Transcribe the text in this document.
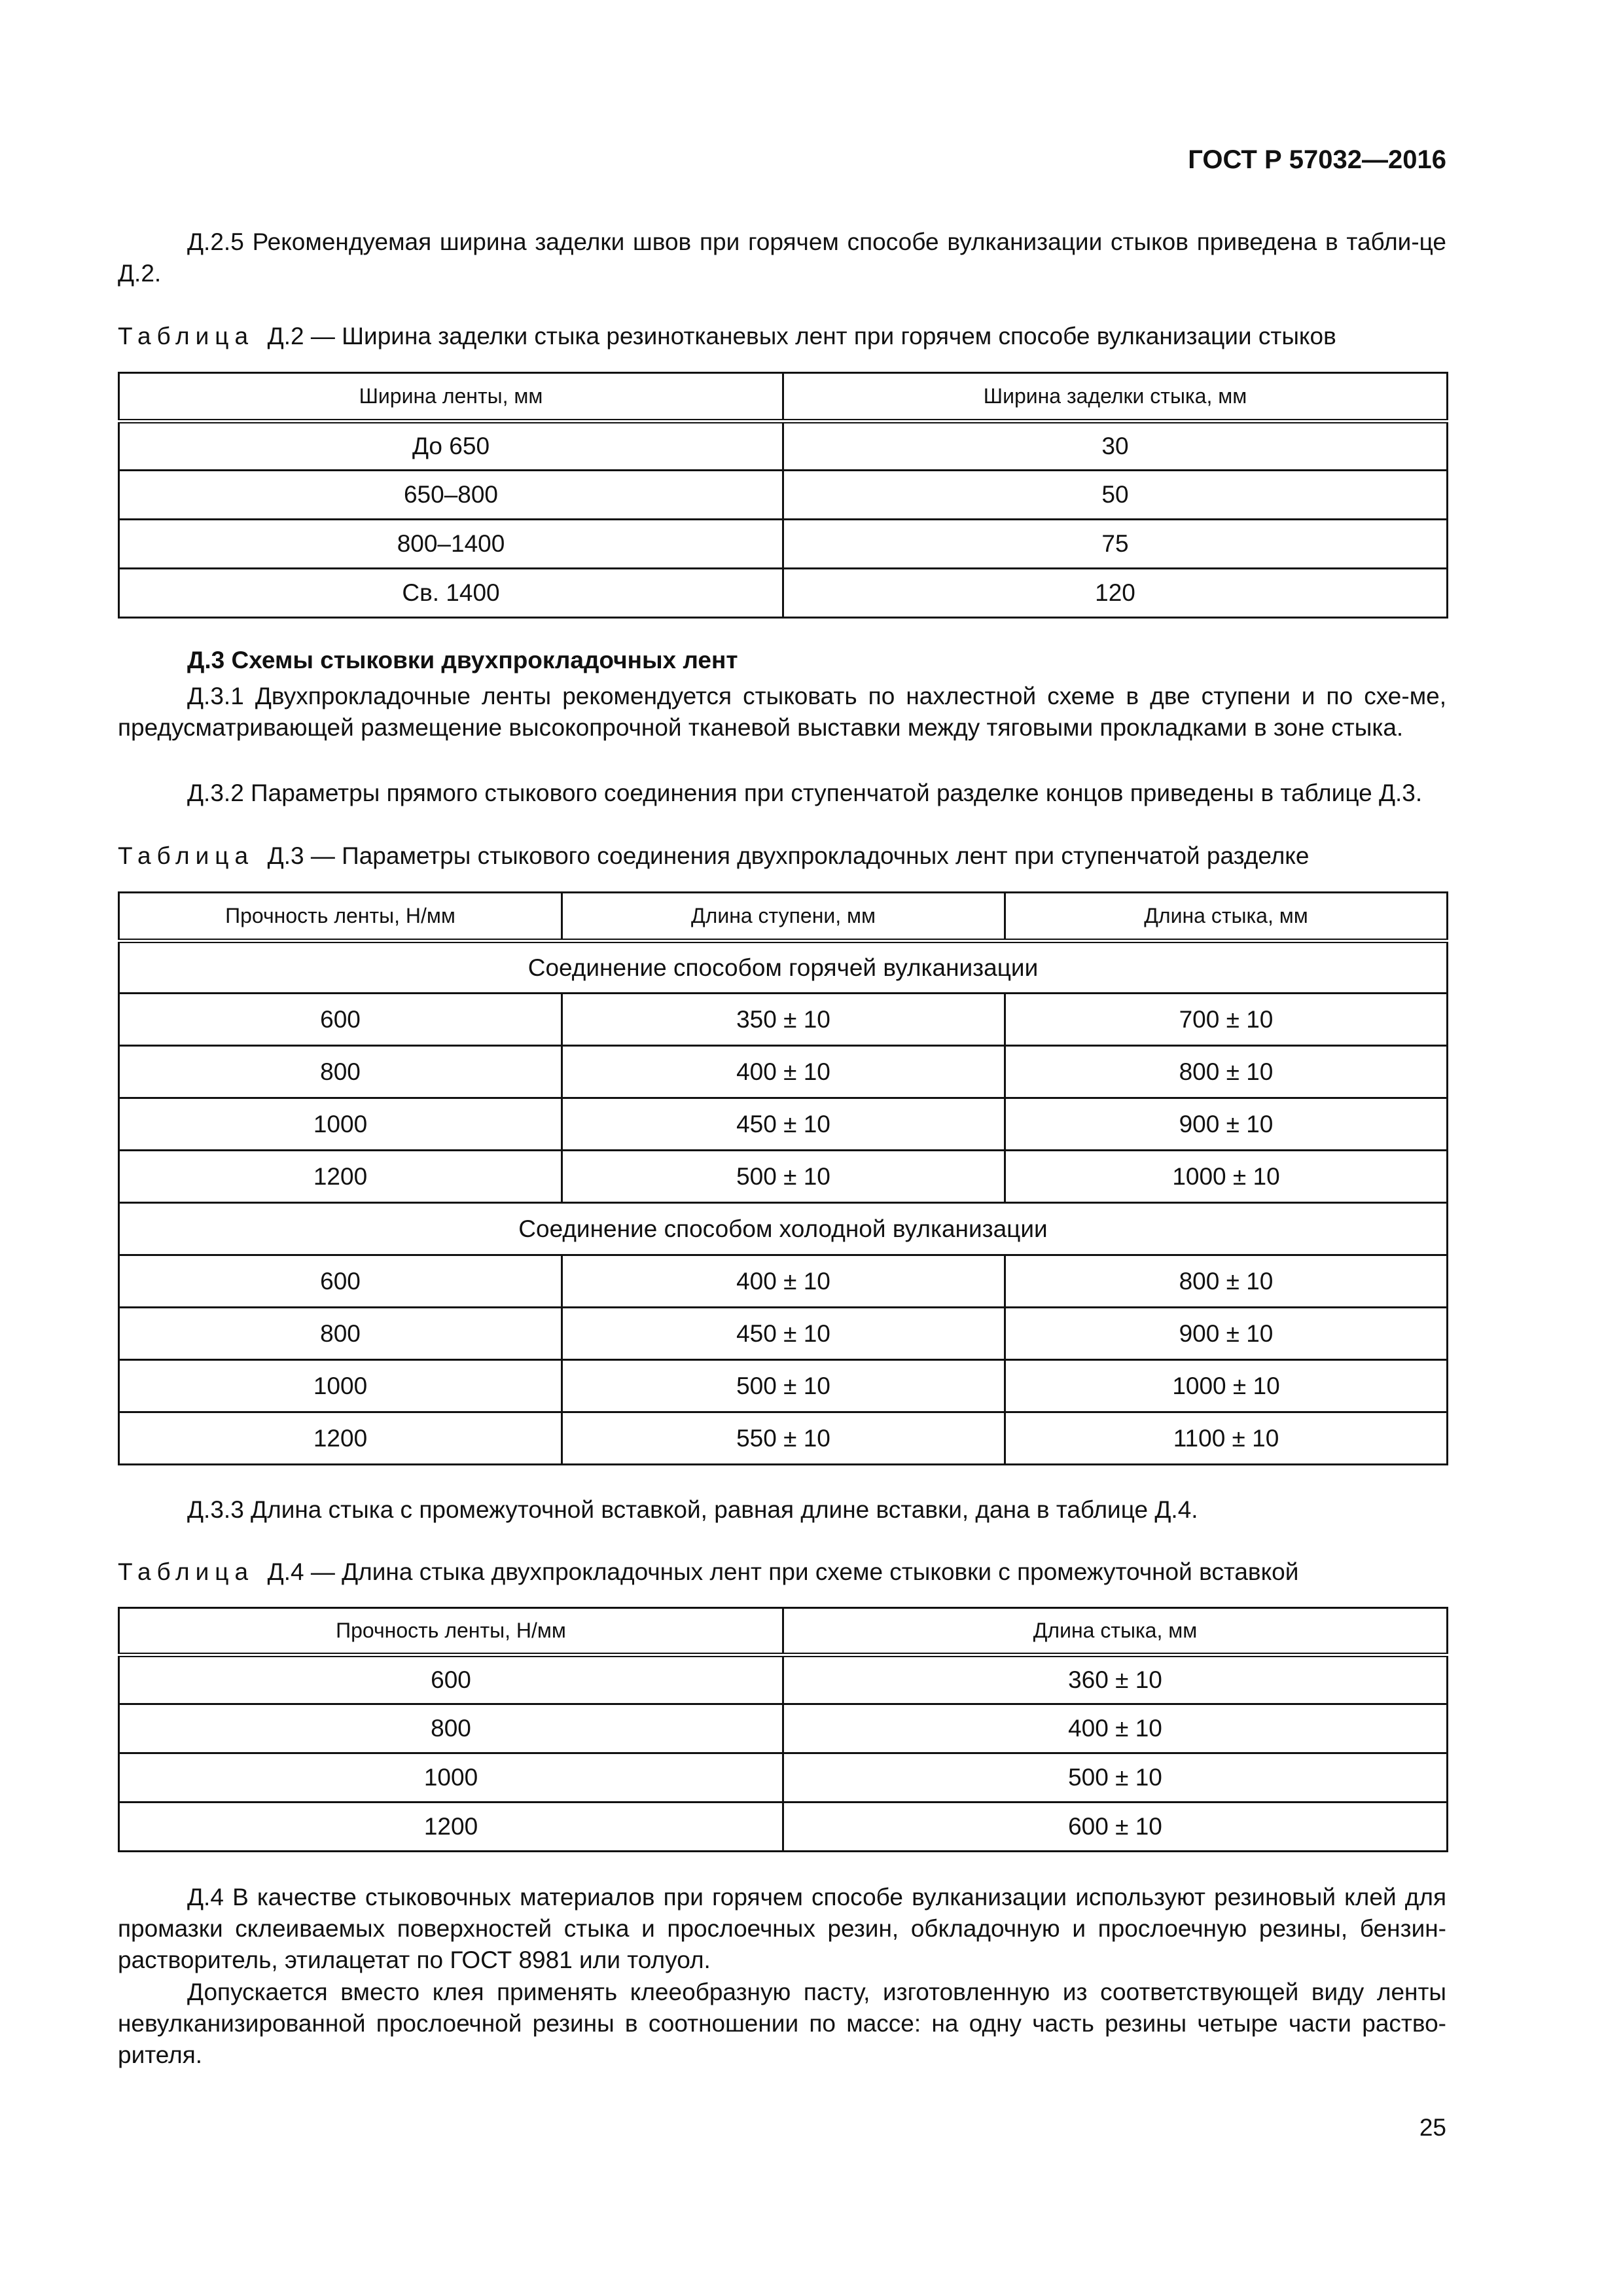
ГОСТ Р 57032—2016

Д.2.5 Рекомендуемая ширина заделки швов при горячем способе вулканизации стыков приведена в табли-це Д.2.

Таблица Д.2 — Ширина заделки стыка резинотканевых лент при горячем способе вулканизации стыков
Ширина ленты, мм	Ширина заделки стыка, мм
До 650	30
650–800	50
800–1400	75
Св. 1400	120
Д.3 Схемы стыковки двухпрокладочных лент

Д.3.1 Двухпрокладочные ленты рекомендуется стыковать по нахлестной схеме в две ступени и по схе-ме, предусматривающей размещение высокопрочной тканевой выставки между тяговыми прокладками в зоне стыка.

Д.3.2 Параметры прямого стыкового соединения при ступенчатой разделке концов приведены в таблице Д.3.

Таблица Д.3 — Параметры стыкового соединения двухпрокладочных лент при ступенчатой разделке
Прочность ленты, Н/мм	Длина ступени, мм	Длина стыка, мм
Соединение способом горячей вулканизации		
600	350 ± 10	700 ± 10
800	400 ± 10	800 ± 10
1000	450 ± 10	900 ± 10
1200	500 ± 10	1000 ± 10
Соединение способом холодной вулканизации		
600	400 ± 10	800 ± 10
800	450 ± 10	900 ± 10
1000	500 ± 10	1000 ± 10
1200	550 ± 10	1100 ± 10

Д.3.3 Длина стыка с промежуточной вставкой, равная длине вставки, дана в таблице Д.4.

Таблица Д.4 — Длина стыка двухпрокладочных лент при схеме стыковки с промежуточной вставкой
Прочность ленты, Н/мм	Длина стыка, мм
600	360 ± 10
800	400 ± 10
1000	500 ± 10
1200	600 ± 10

Д.4 В качестве стыковочных материалов при горячем способе вулканизации используют резиновый клей для промазки склеиваемых поверхностей стыка и прослоечных резин, обкладочную и прослоечную резины, бензин-растворитель, этилацетат по ГОСТ 8981 или толуол.

Допускается вместо клея применять клееобразную пасту, изготовленную из соответствующей виду ленты невулканизированной прослоечной резины в соотношении по массе: на одну часть резины четыре части раство-рителя.

25
